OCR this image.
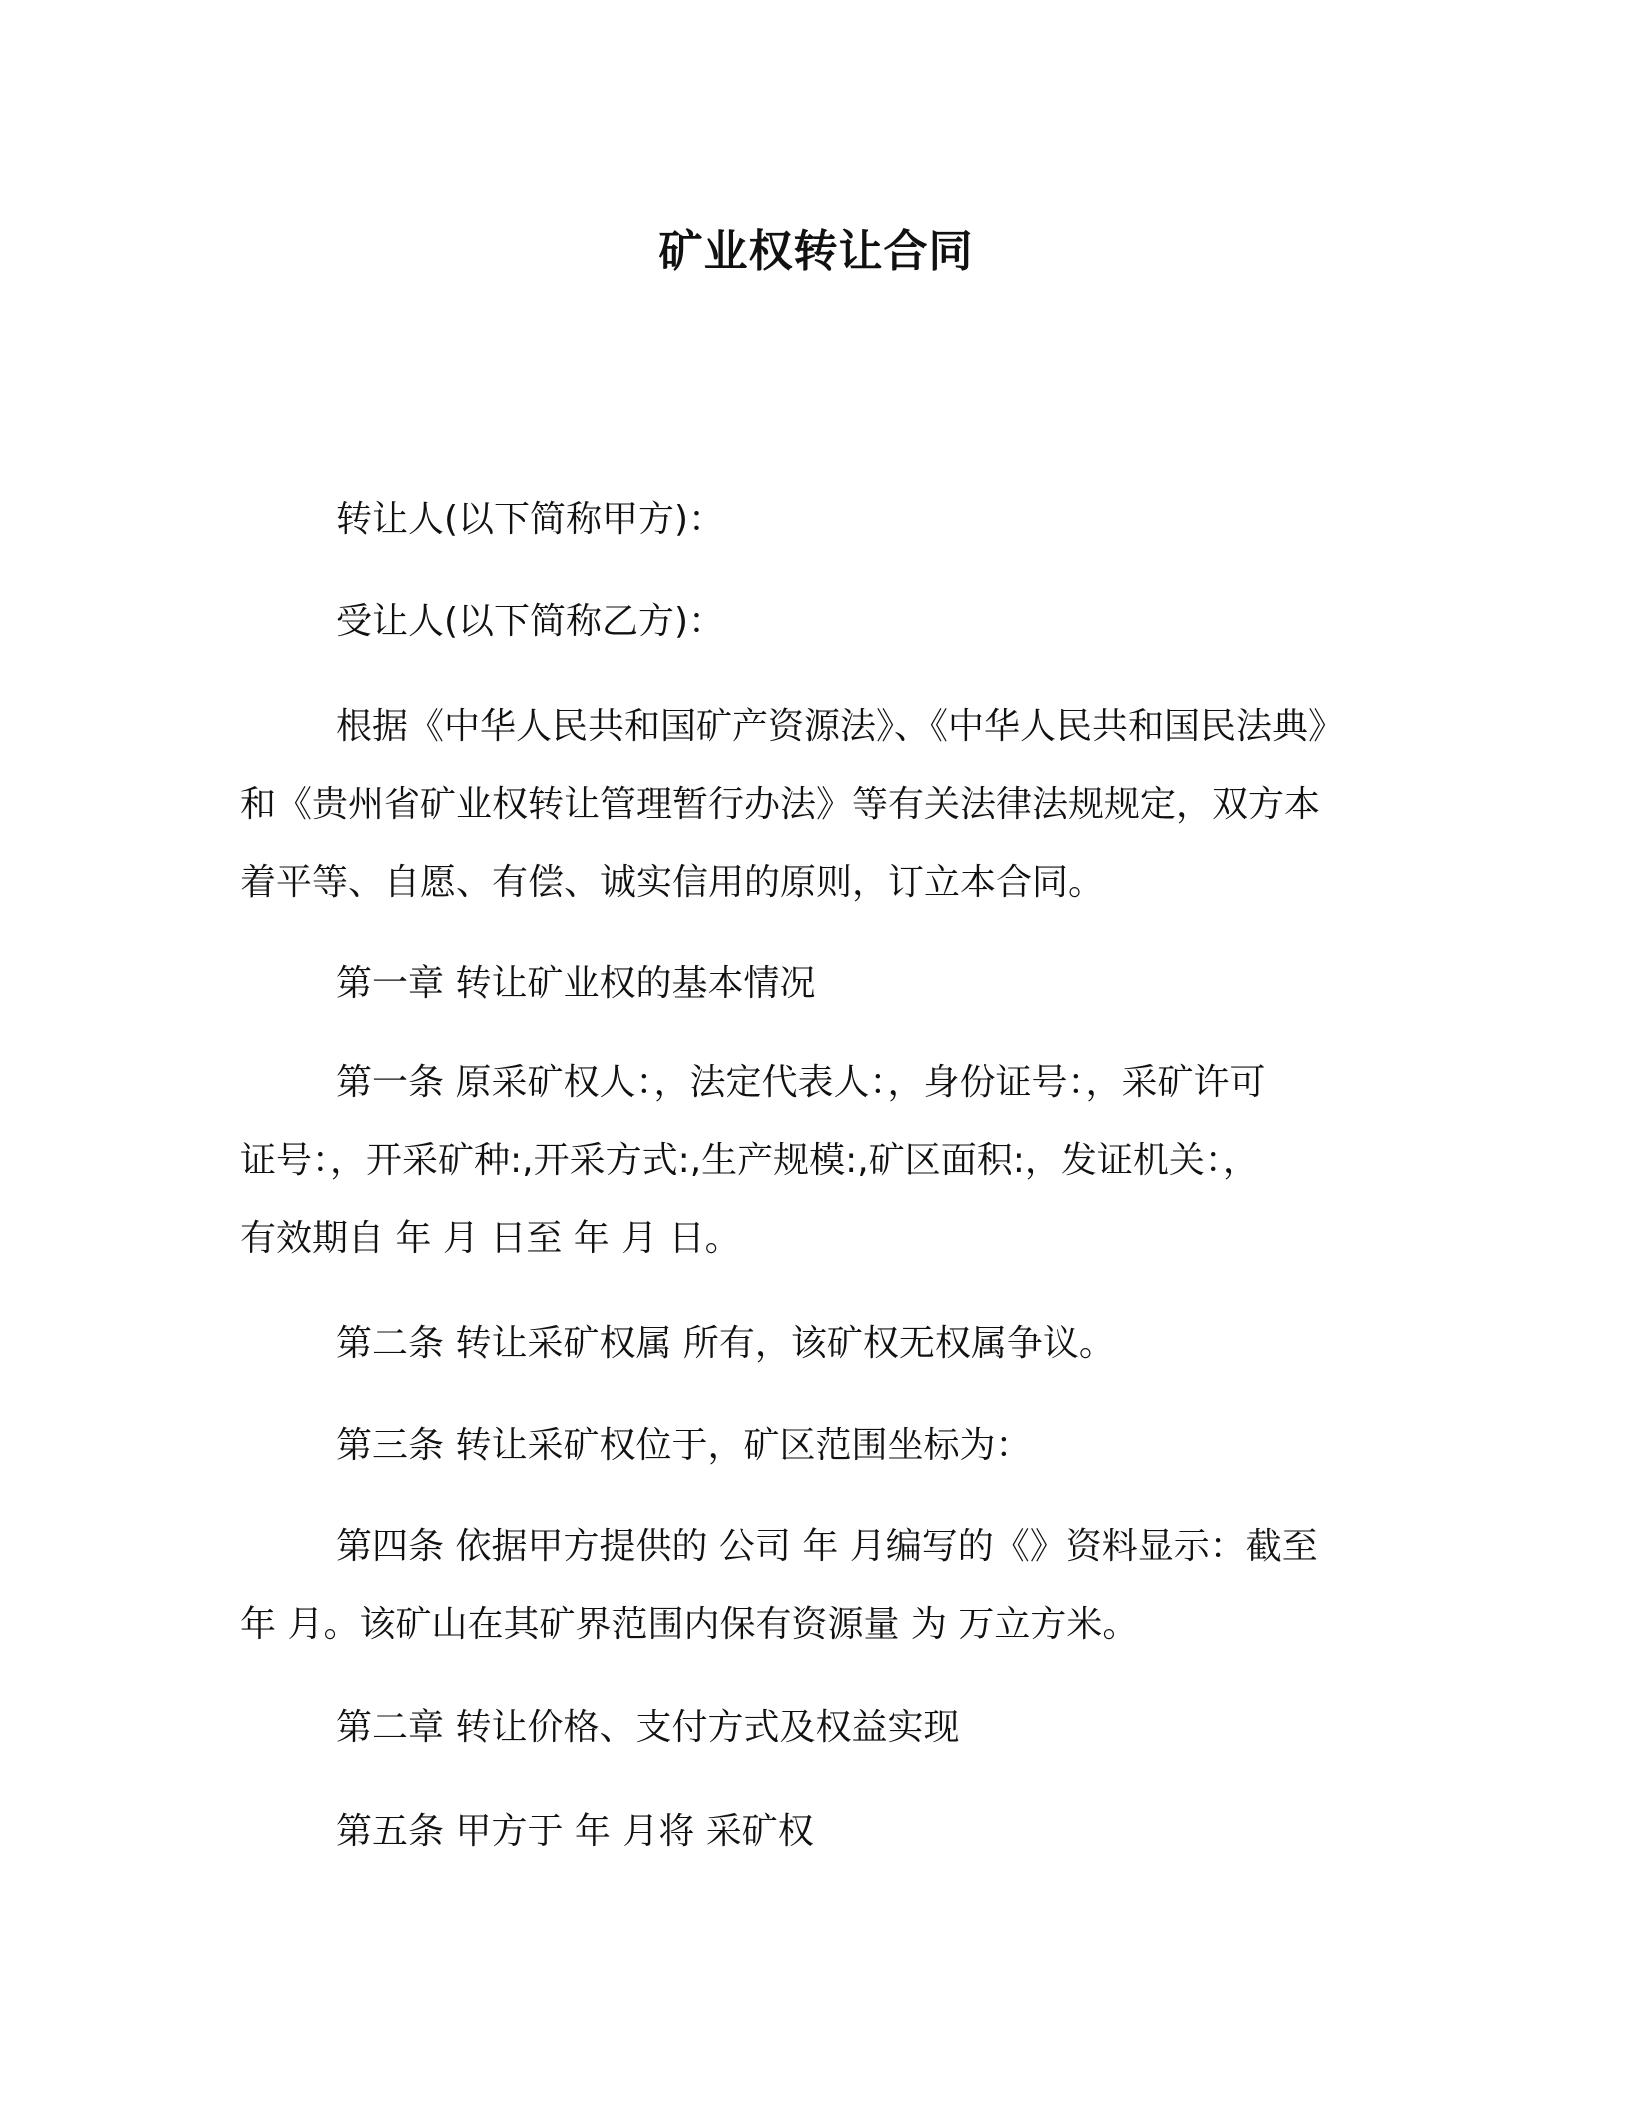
矿业权转让合同
转让人(以下简称甲方)：
受让人(以下简称乙方)：
根据《中华人民共和国矿产资源法》、《中华人民共和国民法典》
和《贵州省矿业权转让管理暂行办法》等有关法律法规规定，双方本
着平等、自愿、有偿、诚实信用的原则，订立本合同。
第一章 转让矿业权的基本情况
第一条 原采矿权人：，法定代表人：，身份证号：，采矿许可
证号：，开采矿种:,开采方式:,生产规模:,矿区面积:，发证机关：，
有效期自 年 月 日至 年 月 日。
第二条 转让采矿权属 所有，该矿权无权属争议。
第三条 转让采矿权位于，矿区范围坐标为：
第四条 依据甲方提供的 公司 年 月编写的《》资料显示：截至
年 月。该矿山在其矿界范围内保有资源量 为 万立方米。
第二章 转让价格、支付方式及权益实现
第五条 甲方于 年 月将 采矿权
